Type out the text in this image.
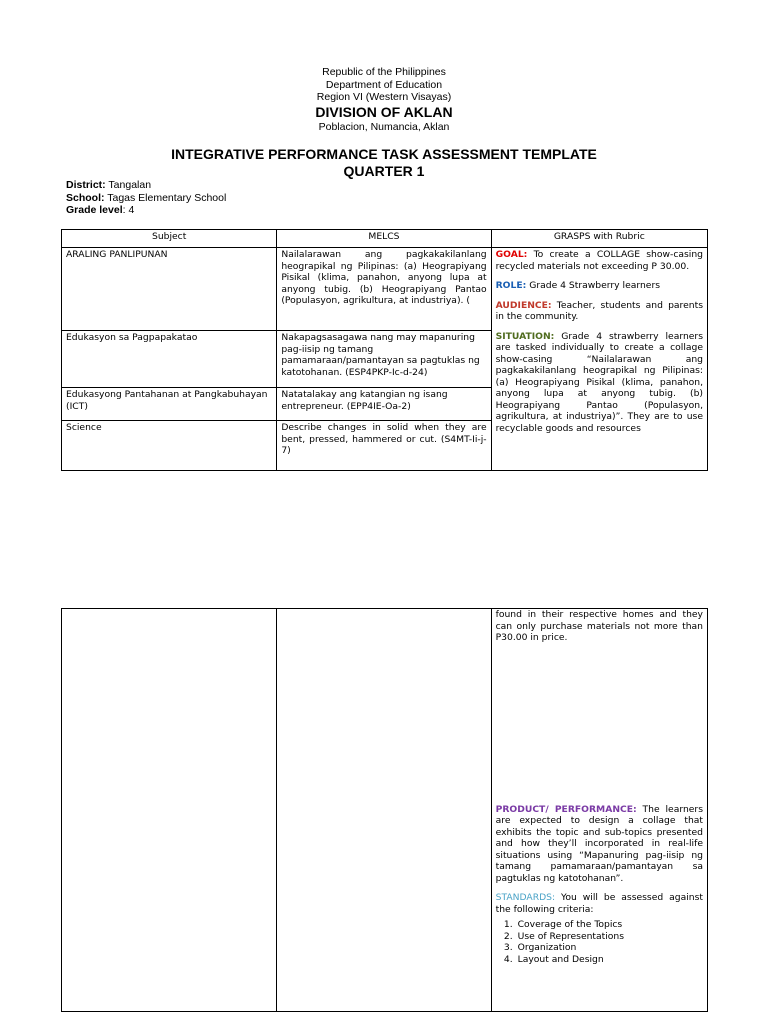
Republic of the Philippines
Department of Education
Region VI (Western Visayas)
DIVISION OF AKLAN
Poblacion, Numancia, Aklan
INTEGRATIVE PERFORMANCE TASK ASSESSMENT TEMPLATE
QUARTER 1
District: Tangalan
School: Tagas Elementary School
Grade level: 4
Subject	MELCS	GRASPS with Rubric
ARALING PANLIPUNAN	Nailalarawan ang pagkakakilanlang heograpikal ng Pilipinas: (a) Heograpiyang Pisikal (klima, panahon, anyong lupa at anyong tubig. (b) Heograpiyang Pantao (Populasyon, agrikultura, at industriya). (	GOAL: To create a COLLAGE show-casing recycled materials not exceeding P 30.00.

ROLE: Grade 4 Strawberry learners

AUDIENCE: Teacher, students and parents in the community.

SITUATION: Grade 4 strawberry learners are tasked individually to create a collage show-casing “Nailalarawan ang pagkakakilanlang heograpikal ng Pilipinas: (a) Heograpiyang Pisikal (klima, panahon, anyong lupa at anyong tubig. (b) Heograpiyang Pantao (Populasyon, agrikultura, at industriya)”. They are to use recyclable goods and resources

Edukasyon sa Pagpapakatao	Nakapagsasagawa nang may mapanuring pag-iisip ng tamang pamamaraan/pamantayan sa pagtuklas ng katotohanan. (ESP4PKP-Ic-d-24)	
Edukasyong Pantahanan at Pangkabuhayan (ICT)	Natatalakay ang katangian ng isang entrepreneur. (EPP4IE-Oa-2)	
Science	Describe changes in solid when they are bent, pressed, hammered or cut. (S4MT-Ii-j-7)	

found in their respective homes and they can only purchase materials not more than P30.00 in price.

PRODUCT/ PERFORMANCE: The learners are expected to design a collage that exhibits the topic and sub-topics presented and how they’ll incorporated in real-life situations using “Mapanuring pag-iisip ng tamang pamamaraan/pamantayan sa pagtuklas ng katotohanan”.

STANDARDS: You will be assessed against the following criteria:

1. Coverage of the Topics
2. Use of Representations
3. Organization
4. Layout and Design
